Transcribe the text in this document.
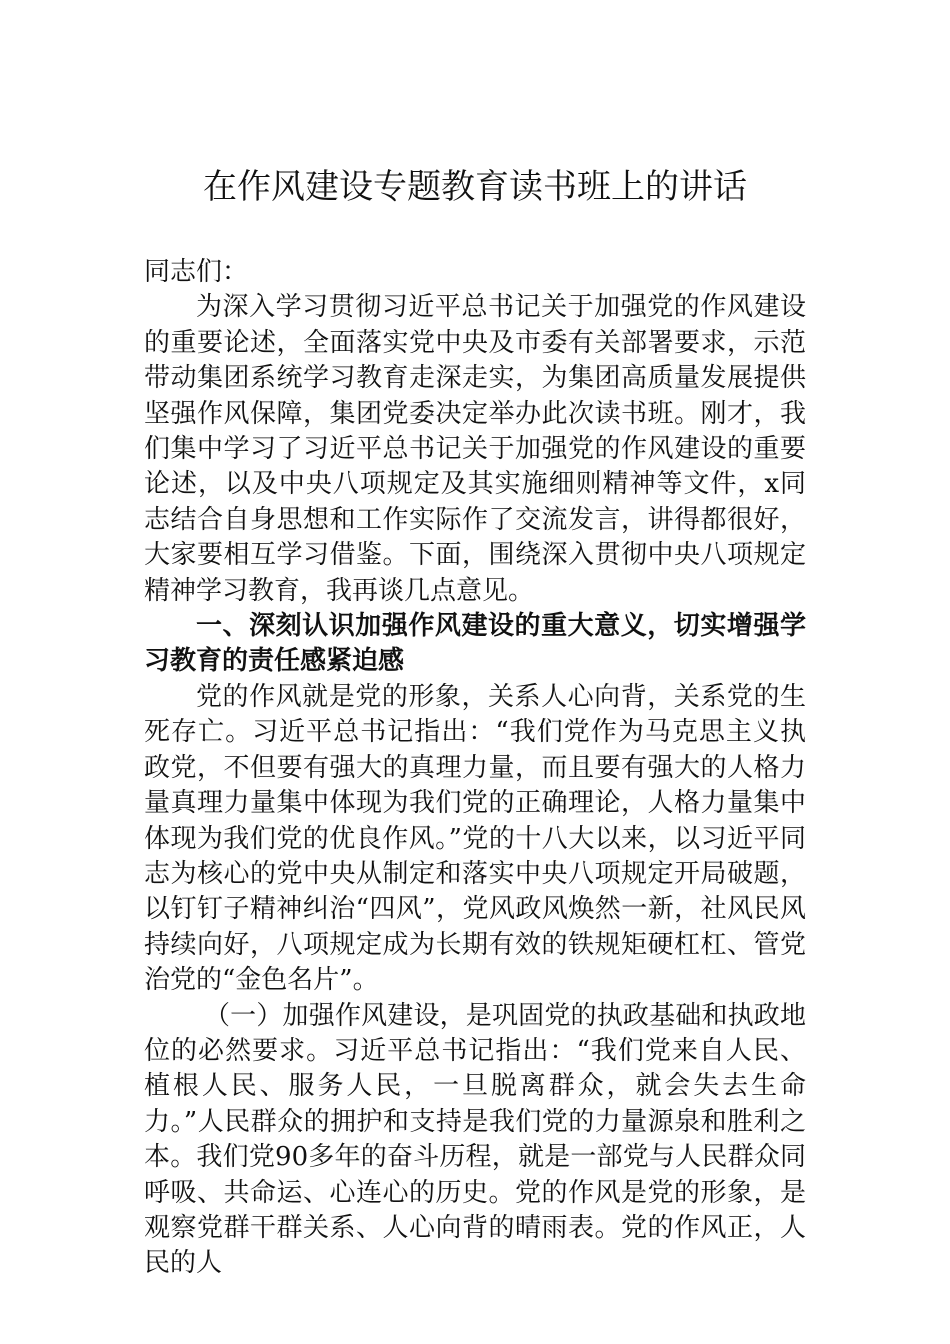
在作风建设专题教育读书班上的讲话

同志们：

为深入学习贯彻习近平总书记关于加强党的作风建设的重要论述，全面落实党中央及市委有关部署要求，示范带动集团系统学习教育走深走实，为集团高质量发展提供坚强作风保障，集团党委决定举办此次读书班。刚才，我们集中学习了习近平总书记关于加强党的作风建设的重要论述，以及中央八项规定及其实施细则精神等文件，x同志结合自身思想和工作实际作了交流发言，讲得都很好，大家要相互学习借鉴。下面，围绕深入贯彻中央八项规定精神学习教育，我再谈几点意见。

一、深刻认识加强作风建设的重大意义，切实增强学习教育的责任感紧迫感

党的作风就是党的形象，关系人心向背，关系党的生死存亡。习近平总书记指出：“我们党作为马克思主义执政党，不但要有强大的真理力量，而且要有强大的人格力量真理力量集中体现为我们党的正确理论，人格力量集中体现为我们党的优良作风。”党的十八大以来，以习近平同志为核心的党中央从制定和落实中央八项规定开局破题，以钉钉子精神纠治“四风”，党风政风焕然一新，社风民风持续向好，八项规定成为长期有效的铁规矩硬杠杠、管党治党的“金色名片”。

（一）加强作风建设，是巩固党的执政基础和执政地位的必然要求。习近平总书记指出：“我们党来自人民、植根人民、服务人民，一旦脱离群众，就会失去生命力。”人民群众的拥护和支持是我们党的力量源泉和胜利之本。我们党90多年的奋斗历程，就是一部党与人民群众同呼吸、共命运、心连心的历史。党的作风是党的形象，是观察党群干群关系、人心向背的晴雨表。党的作风正，人民的人
